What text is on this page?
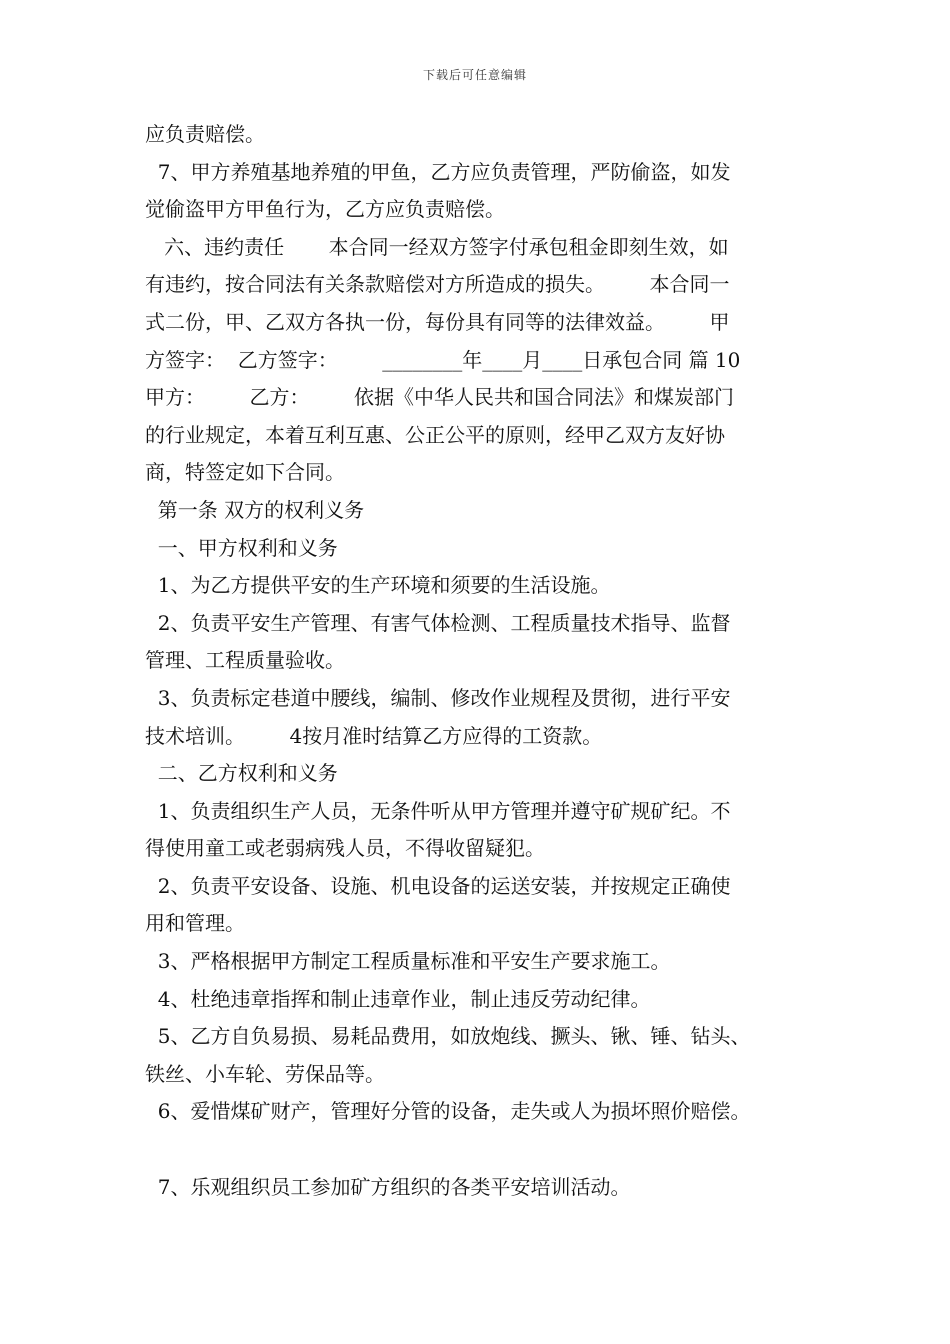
下载后可任意编辑
应负责赔偿。
7、甲方养殖基地养殖的甲鱼，乙方应负责管理，严防偷盗，如发
觉偷盗甲方甲鱼行为，乙方应负责赔偿。
六、违约责任       本合同一经双方签字付承包租金即刻生效，如
有违约，按合同法有关条款赔偿对方所造成的损失。       本合同一
式二份，甲、乙双方各执一份，每份具有同等的法律效益。       甲
方签字：  乙方签字：       ________年____月____日承包合同 篇 10
甲方：       乙方：       依据《中华人民共和国合同法》和煤炭部门
的行业规定，本着互利互惠、公正公平的原则，经甲乙双方友好协
商，特签定如下合同。
第一条 双方的权利义务
一、甲方权利和义务
1、为乙方提供平安的生产环境和须要的生活设施。
2、负责平安生产管理、有害气体检测、工程质量技术指导、监督
管理、工程质量验收。
3、负责标定巷道中腰线，编制、修改作业规程及贯彻，进行平安
技术培训。       4按月准时结算乙方应得的工资款。
二、乙方权利和义务
1、负责组织生产人员，无条件听从甲方管理并遵守矿规矿纪。不
得使用童工或老弱病残人员，不得收留疑犯。
2、负责平安设备、设施、机电设备的运送安装，并按规定正确使
用和管理。
3、严格根据甲方制定工程质量标准和平安生产要求施工。
4、杜绝违章指挥和制止违章作业，制止违反劳动纪律。
5、乙方自负易损、易耗品费用，如放炮线、撅头、锹、锤、钻头、
铁丝、小车轮、劳保品等。
6、爱惜煤矿财产，管理好分管的设备，走失或人为损坏照价赔偿。
7、乐观组织员工参加矿方组织的各类平安培训活动。
